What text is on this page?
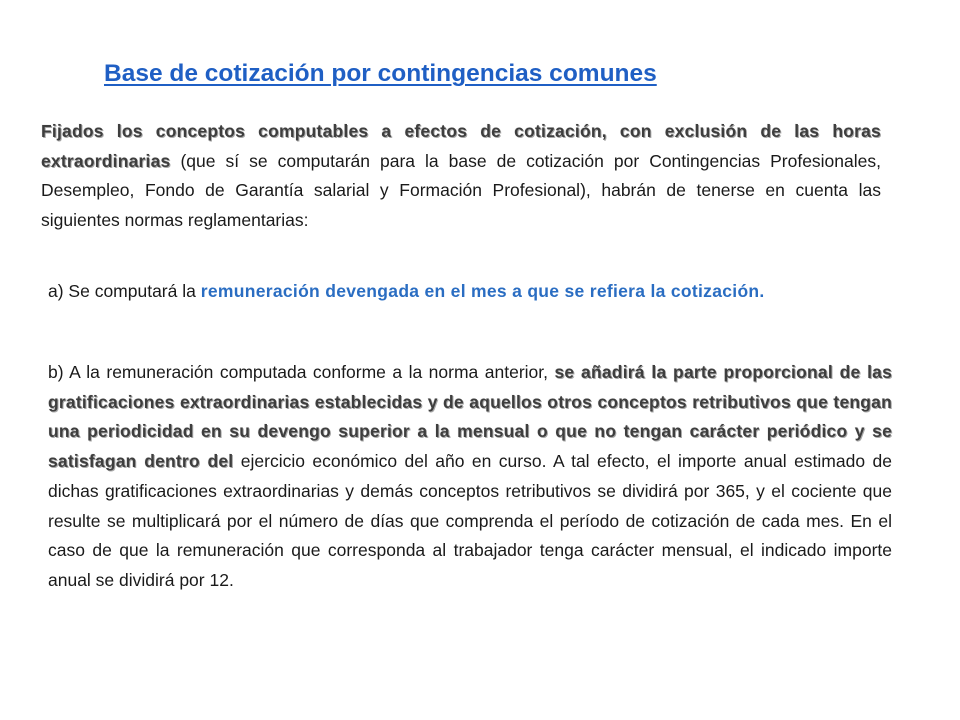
Base de cotización por contingencias comunes

Fijados los conceptos computables a efectos de cotización, con exclusión de las horas extraordinarias (que sí se computarán para la base de cotización por Contingencias Profesionales, Desempleo, Fondo de Garantía salarial y Formación Profesional), habrán de tenerse en cuenta las siguientes normas reglamentarias:

a) Se computará la remuneración devengada en el mes a que se refiera la cotización.

b) A la remuneración computada conforme a la norma anterior, se añadirá la parte proporcional de las gratificaciones extraordinarias establecidas y de aquellos otros conceptos retributivos que tengan una periodicidad en su devengo superior a la mensual o que no tengan carácter periódico y se satisfagan dentro del ejercicio económico del año en curso. A tal efecto, el importe anual estimado de dichas gratificaciones extraordinarias y demás conceptos retributivos se dividirá por 365, y el cociente que resulte se multiplicará por el número de días que comprenda el período de cotización de cada mes. En el caso de que la remuneración que corresponda al trabajador tenga carácter mensual, el indicado importe anual se dividirá por 12.
